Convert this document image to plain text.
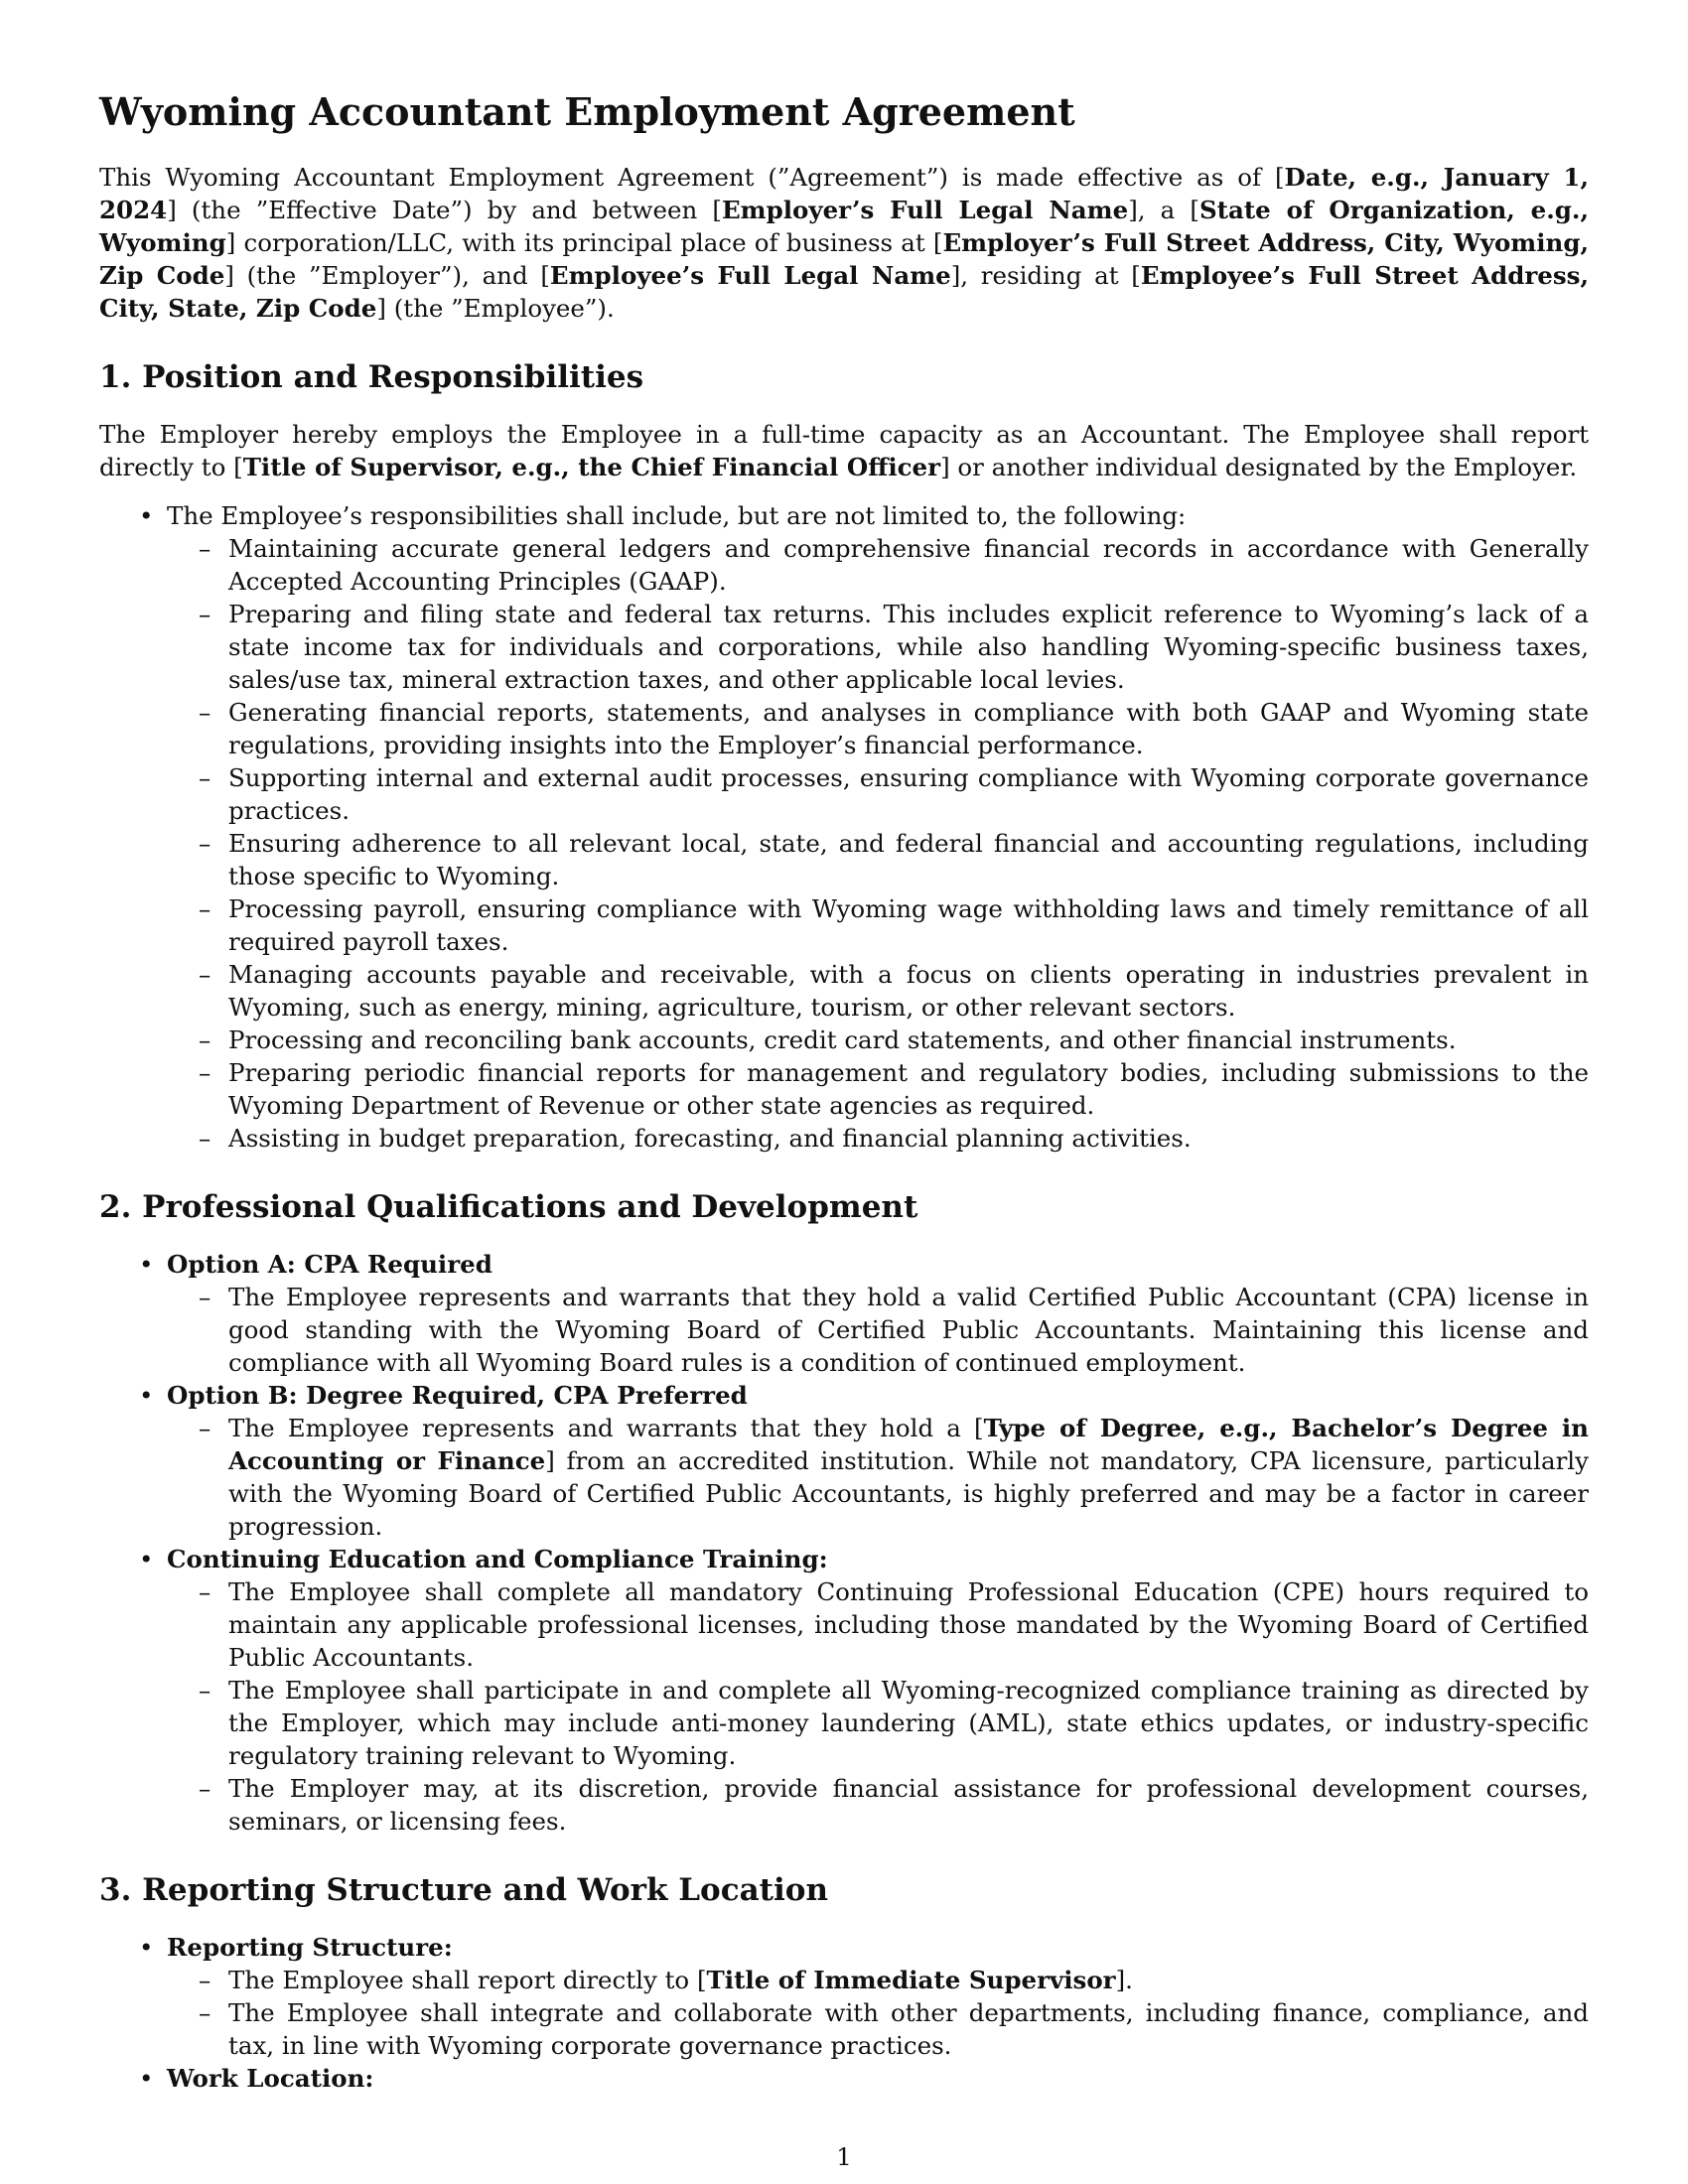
Wyoming Accountant Employment Agreement

This Wyoming Accountant Employment Agreement (”Agreement”) is made effective as of [Date, e.g., January 1, 2024] (the ”Effective Date”) by and between [Employer’s Full Legal Name], a [State of Organization, e.g., Wyoming] corporation/LLC, with its principal place of business at [Employer’s Full Street Address, City, Wyoming, Zip Code] (the ”Employer”), and [Employee’s Full Legal Name], residing at [Employee’s Full Street Address, City, State, Zip Code] (the ”Employee”).

1. Position and Responsibilities

The Employer hereby employs the Employee in a full-time capacity as an Accountant. The Employee shall report directly to [Title of Supervisor, e.g., the Chief Financial Officer] or another individual designated by the Employer.

• The Employee’s responsibilities shall include, but are not limited to, the following:
– Maintaining accurate general ledgers and comprehensive financial records in accordance with Generally Accepted Accounting Principles (GAAP).
– Preparing and filing state and federal tax returns. This includes explicit reference to Wyoming’s lack of a state income tax for individuals and corporations, while also handling Wyoming-specific business taxes, sales/use tax, mineral extraction taxes, and other applicable local levies.
– Generating financial reports, statements, and analyses in compliance with both GAAP and Wyoming state regulations, providing insights into the Employer’s financial performance.
– Supporting internal and external audit processes, ensuring compliance with Wyoming corporate governance practices.
– Ensuring adherence to all relevant local, state, and federal financial and accounting regulations, including those specific to Wyoming.
– Processing payroll, ensuring compliance with Wyoming wage withholding laws and timely remittance of all required payroll taxes.
– Managing accounts payable and receivable, with a focus on clients operating in industries prevalent in Wyoming, such as energy, mining, agriculture, tourism, or other relevant sectors.
– Processing and reconciling bank accounts, credit card statements, and other financial instruments.
– Preparing periodic financial reports for management and regulatory bodies, including submissions to the Wyoming Department of Revenue or other state agencies as required.
– Assisting in budget preparation, forecasting, and financial planning activities.
2. Professional Qualifications and Development
• Option A: CPA Required
– The Employee represents and warrants that they hold a valid Certified Public Accountant (CPA) license in good standing with the Wyoming Board of Certified Public Accountants. Maintaining this license and compliance with all Wyoming Board rules is a condition of continued employment.
• Option B: Degree Required, CPA Preferred
– The Employee represents and warrants that they hold a [Type of Degree, e.g., Bachelor’s Degree in Accounting or Finance] from an accredited institution. While not mandatory, CPA licensure, particularly with the Wyoming Board of Certified Public Accountants, is highly preferred and may be a factor in career progression.
• Continuing Education and Compliance Training:
– The Employee shall complete all mandatory Continuing Professional Education (CPE) hours required to maintain any applicable professional licenses, including those mandated by the Wyoming Board of Certified Public Accountants.
– The Employee shall participate in and complete all Wyoming-recognized compliance training as directed by the Employer, which may include anti-money laundering (AML), state ethics updates, or industry-specific regulatory training relevant to Wyoming.
– The Employer may, at its discretion, provide financial assistance for professional development courses, seminars, or licensing fees.
3. Reporting Structure and Work Location
• Reporting Structure:
– The Employee shall report directly to [Title of Immediate Supervisor].
– The Employee shall integrate and collaborate with other departments, including finance, compliance, and tax, in line with Wyoming corporate governance practices.
• Work Location:
1
